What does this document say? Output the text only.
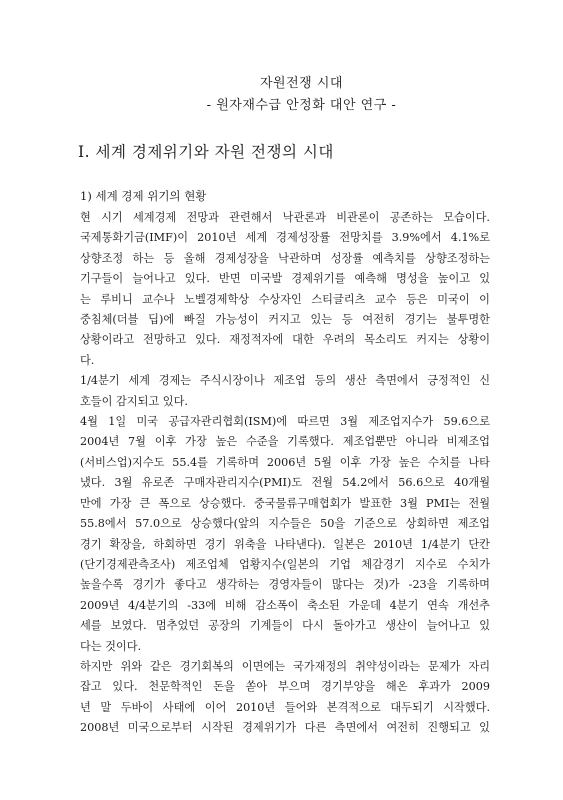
자원전쟁 시대
- 원자재수급 안정화 대안 연구 -
Ⅰ. 세계 경제위기와 자원 전쟁의 시대
1) 세계 경제 위기의 현황
현 시기 세계경제 전망과 관련해서 낙관론과 비관론이 공존하는 모습이다.
국제통화기금(IMF)이 2010년 세계 경제성장률 전망치를 3.9%에서 4.1%로
상향조정 하는 등 올해 경제성장을 낙관하며 성장률 예측치를 상향조정하는
기구들이 늘어나고 있다. 반면 미국발 경제위기를 예측해 명성을 높이고 있
는 루비니 교수나 노벨경제학상 수상자인 스티글리츠 교수 등은 미국이 이
중침체(더블 딥)에 빠질 가능성이 커지고 있는 등 여전히 경기는 불투명한
상황이라고 전망하고 있다. 재정적자에 대한 우려의 목소리도 커지는 상황이
다.
1/4분기 세계 경제는 주식시장이나 제조업 등의 생산 측면에서 긍정적인 신
호들이 감지되고 있다.
4월 1일 미국 공급자관리협회(ISM)에 따르면 3월 제조업지수가 59.6으로
2004년 7월 이후 가장 높은 수준을 기록했다. 제조업뿐만 아니라 비제조업
(서비스업)지수도 55.4를 기록하며 2006년 5월 이후 가장 높은 수치를 나타
냈다. 3월 유로존 구매자관리지수(PMI)도 전월 54.2에서 56.6으로 40개월
만에 가장 큰 폭으로 상승했다. 중국물류구매협회가 발표한 3월 PMI는 전월
55.8에서 57.0으로 상승했다(앞의 지수들은 50을 기준으로 상회하면 제조업
경기 확장을, 하회하면 경기 위축을 나타낸다). 일본은 2010년 1/4분기 단칸
(단기경제관측조사) 제조업체 업황지수(일본의 기업 체감경기 지수로 수치가
높을수록 경기가 좋다고 생각하는 경영자들이 많다는 것)가 -23을 기록하며
2009년 4/4분기의 -33에 비해 감소폭이 축소된 가운데 4분기 연속 개선추
세를 보였다. 멈추었던 공장의 기계들이 다시 돌아가고 생산이 늘어나고 있
다는 것이다.
하지만 위와 같은 경기회복의 이면에는 국가재정의 취약성이라는 문제가 자리
잡고 있다. 천문학적인 돈을 쏟아 부으며 경기부양을 해온 후과가 2009
년 말 두바이 사태에 이어 2010년 들어와 본격적으로 대두되기 시작했다.
2008년 미국으로부터 시작된 경제위기가 다른 측면에서 여전히 진행되고 있
